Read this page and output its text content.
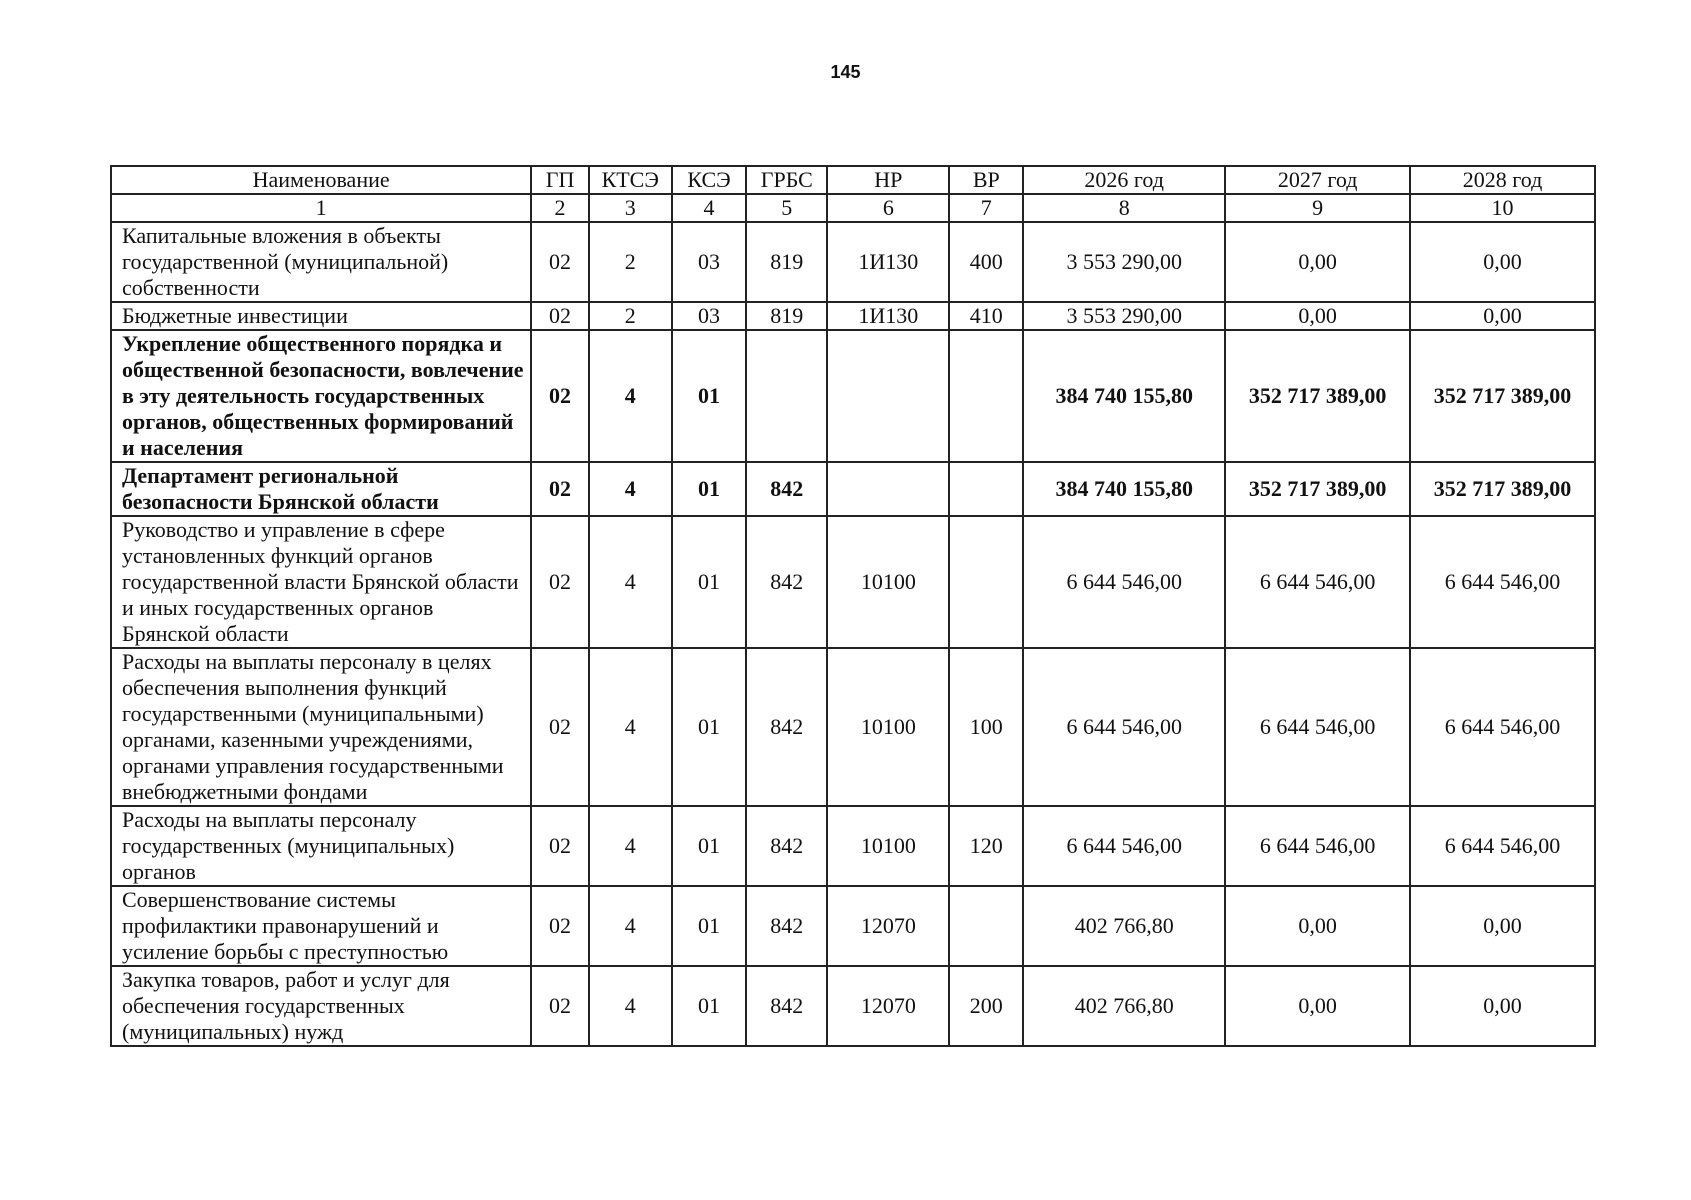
145
Наименование	ГП	КТСЭ	КСЭ	ГРБС	НР	ВР	2026 год	2027 год	2028 год
1	2	3	4	5	6	7	8	9	10
Капитальные вложения в объекты государственной (муниципальной) собственности	02	2	03	819	1И130	400	3 553 290,00	0,00	0,00
Бюджетные инвестиции	02	2	03	819	1И130	410	3 553 290,00	0,00	0,00
Укрепление общественного порядка и общественной безопасности, вовлечение в эту деятельность государственных органов, общественных формирований и населения	02	4	01				384 740 155,80	352 717 389,00	352 717 389,00
Департамент региональной безопасности Брянской области	02	4	01	842			384 740 155,80	352 717 389,00	352 717 389,00
Руководство и управление в сфере установленных функций органов государственной власти Брянской области и иных государственных органов Брянской области	02	4	01	842	10100		6 644 546,00	6 644 546,00	6 644 546,00
Расходы на выплаты персоналу в целях обеспечения выполнения функций государственными (муниципальными) органами, казенными учреждениями, органами управления государственными внебюджетными фондами	02	4	01	842	10100	100	6 644 546,00	6 644 546,00	6 644 546,00
Расходы на выплаты персоналу государственных (муниципальных) органов	02	4	01	842	10100	120	6 644 546,00	6 644 546,00	6 644 546,00
Совершенствование системы профилактики правонарушений и усиление борьбы с преступностью	02	4	01	842	12070		402 766,80	0,00	0,00
Закупка товаров, работ и услуг для обеспечения государственных (муниципальных) нужд	02	4	01	842	12070	200	402 766,80	0,00	0,00
